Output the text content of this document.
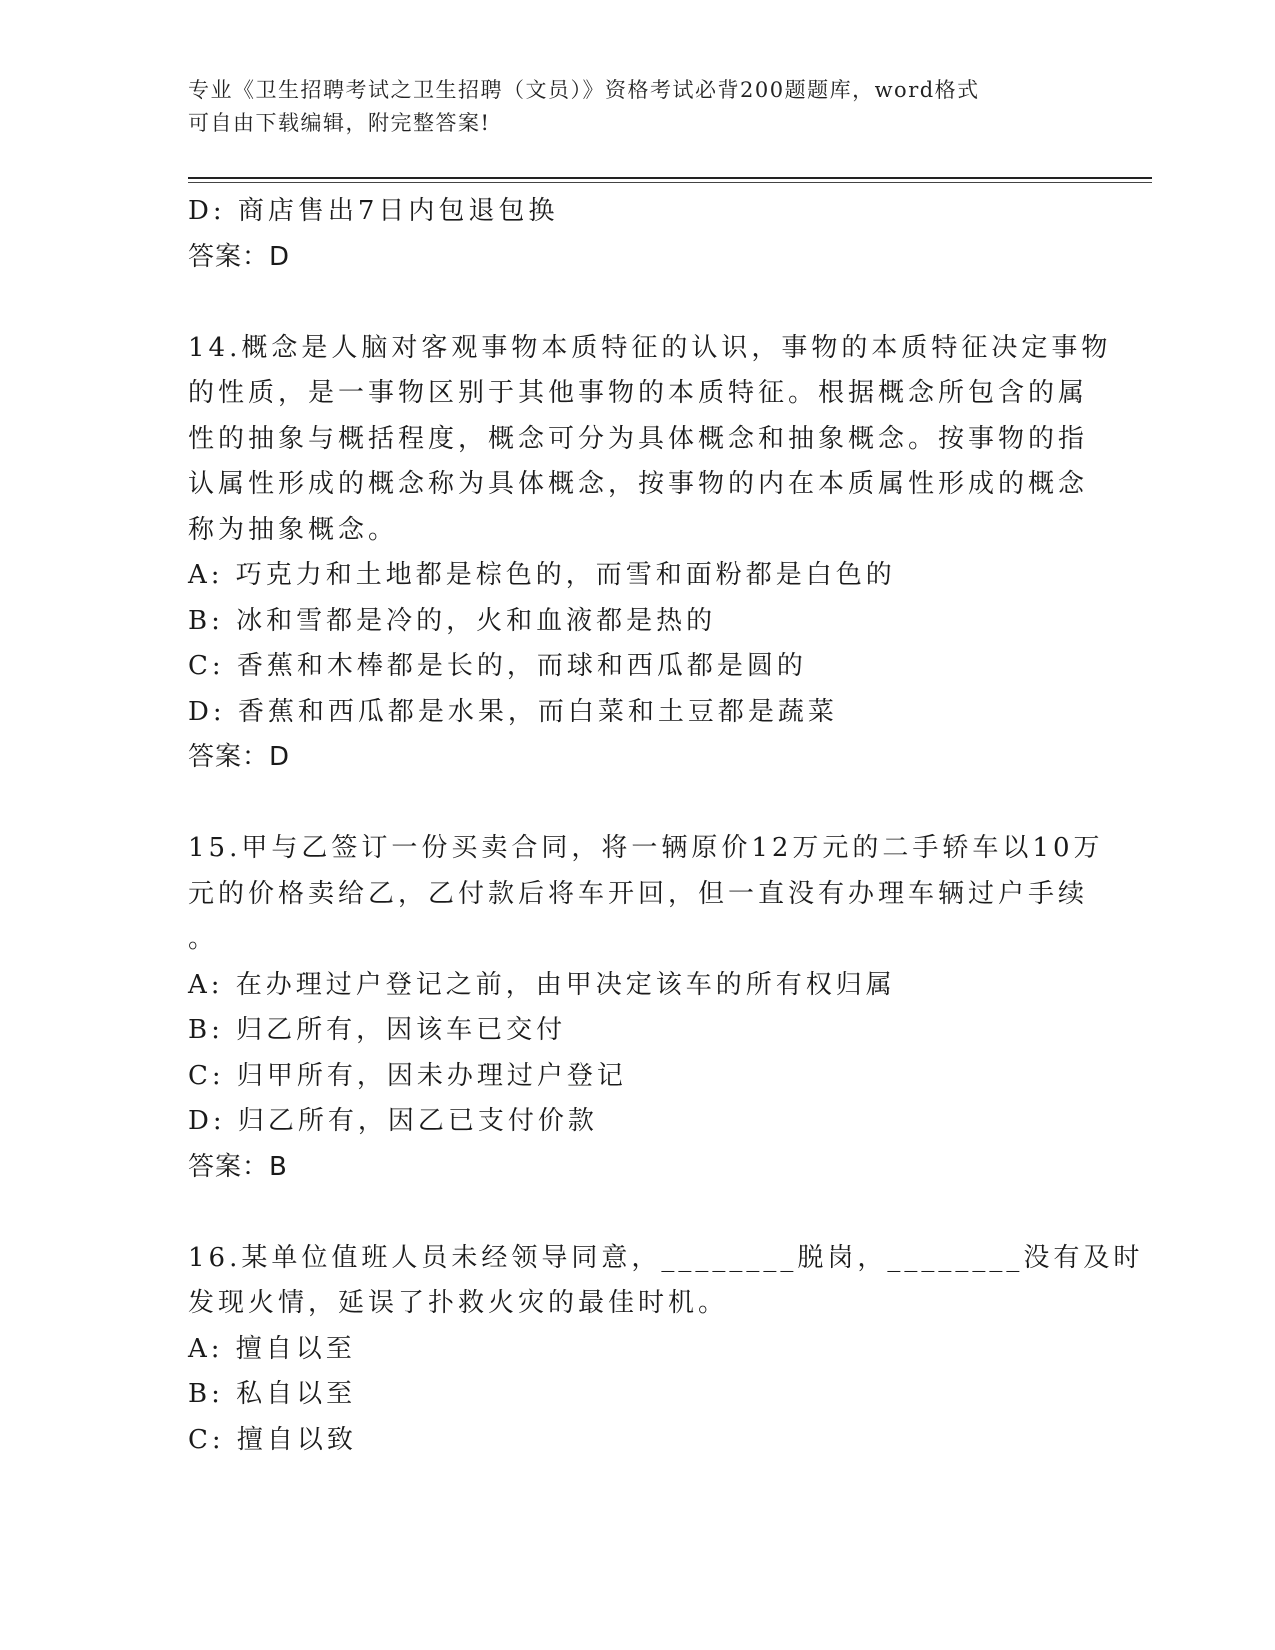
专业《卫生招聘考试之卫生招聘（文员）》资格考试必背200题题库，word格式
可自由下载编辑，附完整答案!
D: 商店售出7日内包退包换
答案：D
14.概念是人脑对客观事物本质特征的认识，事物的本质特征决定事物
的性质，是一事物区别于其他事物的本质特征。根据概念所包含的属
性的抽象与概括程度，概念可分为具体概念和抽象概念。按事物的指
认属性形成的概念称为具体概念，按事物的内在本质属性形成的概念
称为抽象概念。
A: 巧克力和土地都是棕色的，而雪和面粉都是白色的
B: 冰和雪都是冷的，火和血液都是热的
C: 香蕉和木棒都是长的，而球和西瓜都是圆的
D: 香蕉和西瓜都是水果，而白菜和土豆都是蔬菜
答案：D
15.甲与乙签订一份买卖合同，将一辆原价12万元的二手轿车以10万
元的价格卖给乙，乙付款后将车开回，但一直没有办理车辆过户手续
。
A: 在办理过户登记之前，由甲决定该车的所有权归属
B: 归乙所有，因该车已交付
C: 归甲所有，因未办理过户登记
D: 归乙所有，因乙已支付价款
答案：B
16.某单位值班人员未经领导同意，________脱岗，________没有及时
发现火情，延误了扑救火灾的最佳时机。
A: 擅自以至
B: 私自以至
C: 擅自以致
